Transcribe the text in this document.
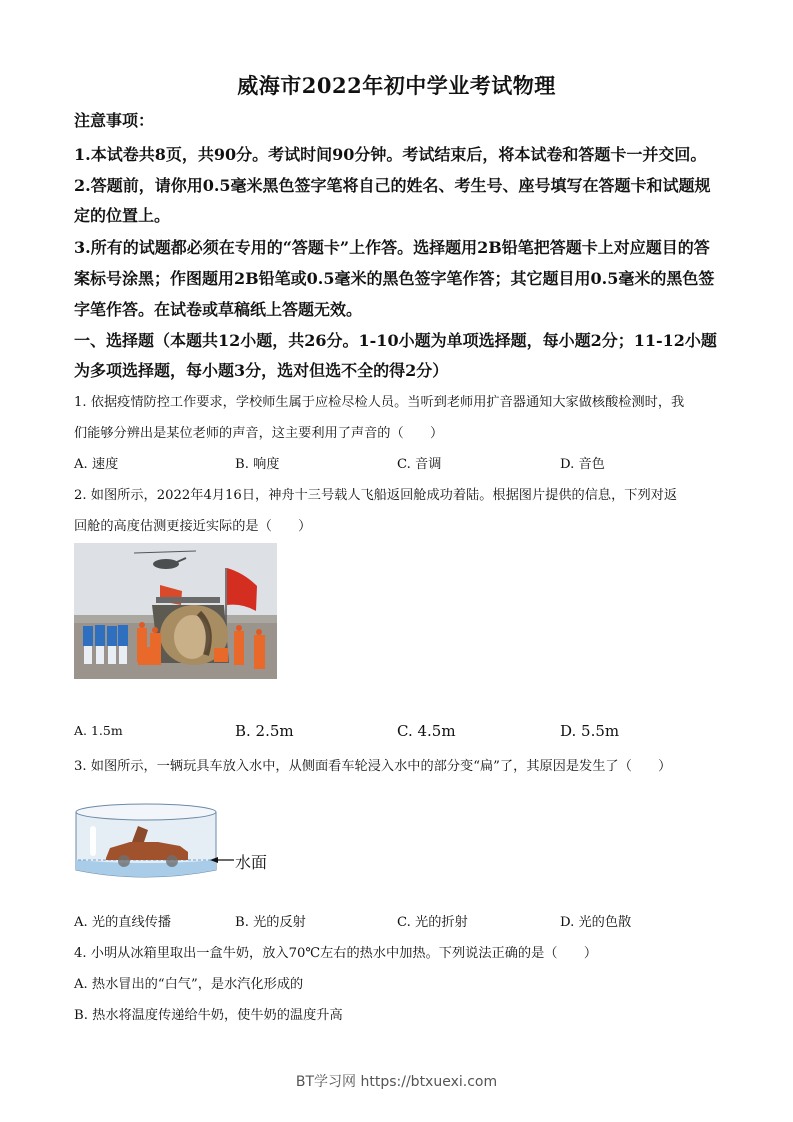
威海市2022年初中学业考试物理
注意事项：
1.本试卷共8页，共90分。考试时间90分钟。考试结束后，将本试卷和答题卡一并交回。
2.答题前，请你用0.5毫米黑色签字笔将自己的姓名、考生号、座号填写在答题卡和试题规
定的位置上。
3.所有的试题都必须在专用的“答题卡”上作答。选择题用2B铅笔把答题卡上对应题目的答
案标号涂黑；作图题用2B铅笔或0.5毫米的黑色签字笔作答；其它题目用0.5毫米的黑色签
字笔作答。在试卷或草稿纸上答题无效。
一、选择题（本题共12小题，共26分。1-10小题为单项选择题，每小题2分；11-12小题
为多项选择题，每小题3分，选对但选不全的得2分）
1. 依据疫情防控工作要求，学校师生属于应检尽检人员。当听到老师用扩音器通知大家做核酸检测时，我
们能够分辨出是某位老师的声音，这主要利用了声音的（　　）
A. 速度	B. 响度	C. 音调	D. 音色
2. 如图所示，2022年4月16日，神舟十三号载人飞船返回舱成功着陆。根据图片提供的信息，下列对返
回舱的高度估测更接近实际的是（　　）
A. 1.5m	B. 2.5m	C. 4.5m	D. 5.5m
3. 如图所示，一辆玩具车放入水中，从侧面看车轮浸入水中的部分变“扁”了，其原因是发生了（　　）
水面
A. 光的直线传播	B. 光的反射	C. 光的折射	D. 光的色散
4. 小明从冰箱里取出一盒牛奶，放入70℃左右的热水中加热。下列说法正确的是（　　）
A. 热水冒出的“白气”，是水汽化形成的
B. 热水将温度传递给牛奶，使牛奶的温度升高
BT学习网 https://btxuexi.com
